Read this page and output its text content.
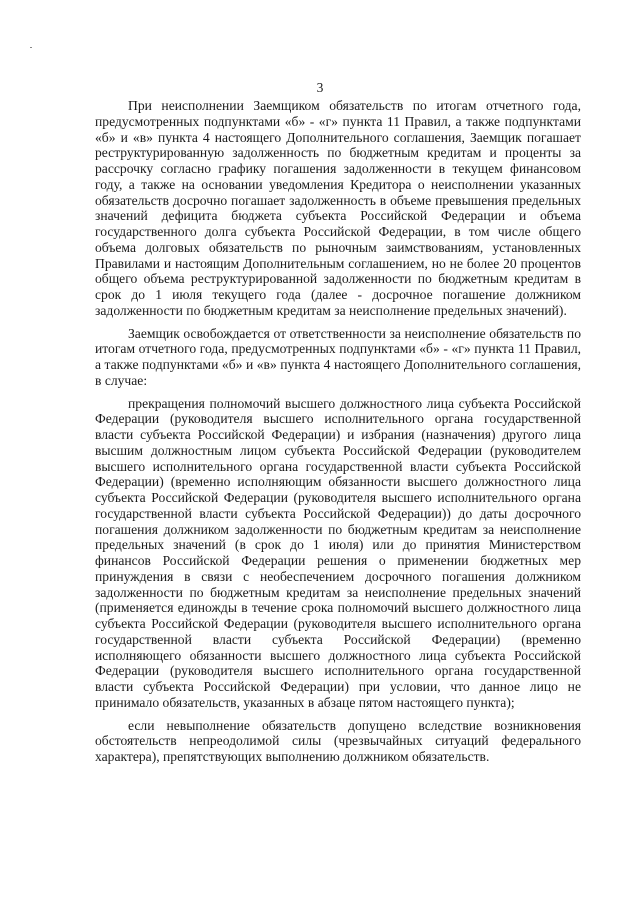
3

При неисполнении Заемщиком обязательств по итогам отчетного года, предусмотренных подпунктами «б» - «г» пункта 11 Правил, а также подпунктами «б» и «в» пункта 4 настоящего Дополнительного соглашения, Заемщик погашает реструктурированную задолженность по бюджетным кредитам и проценты за рассрочку согласно графику погашения задолженности в текущем финансовом году, а также на основании уведомления Кредитора о неисполнении указанных обязательств досрочно погашает задолженность в объеме превышения предельных значений дефицита бюджета субъекта Российской Федерации и объема государственного долга субъекта Российской Федерации, в том числе общего объема долговых обязательств по рыночным заимствованиям, установленных Правилами и настоящим Дополнительным соглашением, но не более 20 процентов общего объема реструктурированной задолженности по бюджетным кредитам в срок до 1 июля текущего года (далее - досрочное погашение должником задолженности по бюджетным кредитам за неисполнение предельных значений).

Заемщик освобождается от ответственности за неисполнение обязательств по итогам отчетного года, предусмотренных подпунктами «б» - «г» пункта 11 Правил, а также подпунктами «б» и «в» пункта 4 настоящего Дополнительного соглашения, в случае:

прекращения полномочий высшего должностного лица субъекта Российской Федерации (руководителя высшего исполнительного органа государственной власти субъекта Российской Федерации) и избрания (назначения) другого лица высшим должностным лицом субъекта Российской Федерации (руководителем высшего исполнительного органа государственной власти субъекта Российской Федерации) (временно исполняющим обязанности высшего должностного лица субъекта Российской Федерации (руководителя высшего исполнительного органа государственной власти субъекта Российской Федерации)) до даты досрочного погашения должником задолженности по бюджетным кредитам за неисполнение предельных значений (в срок до 1 июля) или до принятия Министерством финансов Российской Федерации решения о применении бюджетных мер принуждения в связи с необеспечением досрочного погашения должником задолженности по бюджетным кредитам за неисполнение предельных значений (применяется единожды в течение срока полномочий высшего должностного лица субъекта Российской Федерации (руководителя высшего исполнительного органа государственной власти субъекта Российской Федерации) (временно исполняющего обязанности высшего должностного лица субъекта Российской Федерации (руководителя высшего исполнительного органа государственной власти субъекта Российской Федерации) при условии, что данное лицо не принимало обязательств, указанных в абзаце пятом настоящего пункта);

если невыполнение обязательств допущено вследствие возникновения обстоятельств непреодолимой силы (чрезвычайных ситуаций федерального характера), препятствующих выполнению должником обязательств.
